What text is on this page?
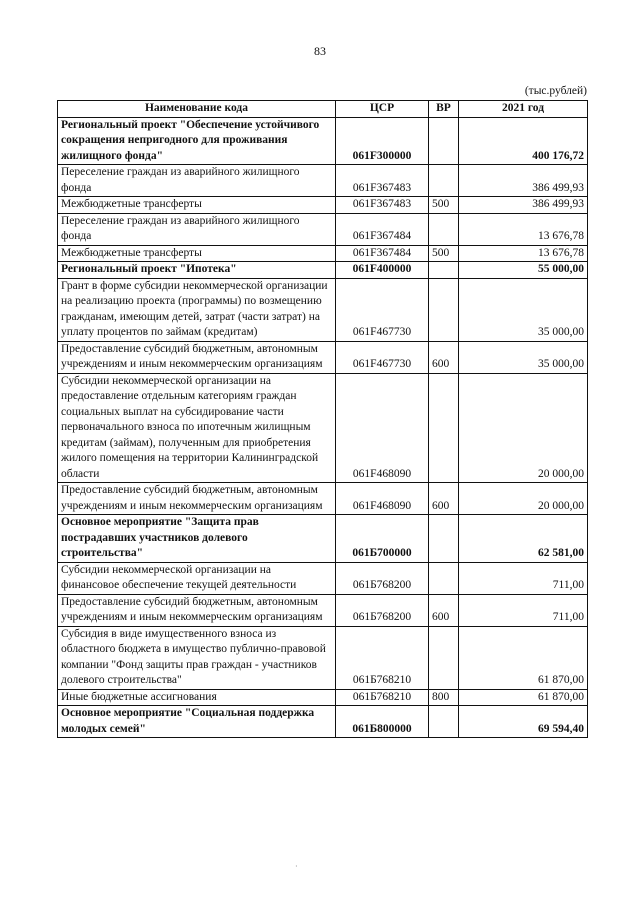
83
(тыс.рублей)
Наименование кода	ЦСР	ВР	2021 год
Региональный проект "Обеспечение устойчивого сокращения непригодного для проживания жилищного фонда"	061F300000		400 176,72
Переселение граждан из аварийного жилищного фонда	061F367483		386 499,93
Межбюджетные трансферты	061F367483	500	386 499,93
Переселение граждан из аварийного жилищного фонда	061F367484		13 676,78
Межбюджетные трансферты	061F367484	500	13 676,78
Региональный проект "Ипотека"	061F400000		55 000,00
Грант в форме субсидии некоммерческой организации на реализацию проекта (программы) по возмещению гражданам, имеющим детей, затрат (части затрат) на уплату процентов по займам (кредитам)	061F467730		35 000,00
Предоставление субсидий бюджетным, автономным учреждениям и иным некоммерческим организациям	061F467730	600	35 000,00
Субсидии некоммерческой организации на предоставление отдельным категориям граждан социальных выплат на субсидирование части первоначального взноса по ипотечным жилищным кредитам (займам), полученным для приобретения жилого помещения на территории Калининградской области	061F468090		20 000,00
Предоставление субсидий бюджетным, автономным учреждениям и иным некоммерческим организациям	061F468090	600	20 000,00
Основное мероприятие "Защита прав пострадавших участников долевого строительства"	061Б700000		62 581,00
Субсидии некоммерческой организации на финансовое обеспечение текущей деятельности	061Б768200		711,00
Предоставление субсидий бюджетным, автономным учреждениям и иным некоммерческим организациям	061Б768200	600	711,00
Субсидия в виде имущественного взноса из областного бюджета в имущество публично-правовой компании "Фонд защиты прав граждан - участников долевого строительства"	061Б768210		61 870,00
Иные бюджетные ассигнования	061Б768210	800	61 870,00
Основное мероприятие "Социальная поддержка молодых семей"	061Б800000		69 594,40
·
